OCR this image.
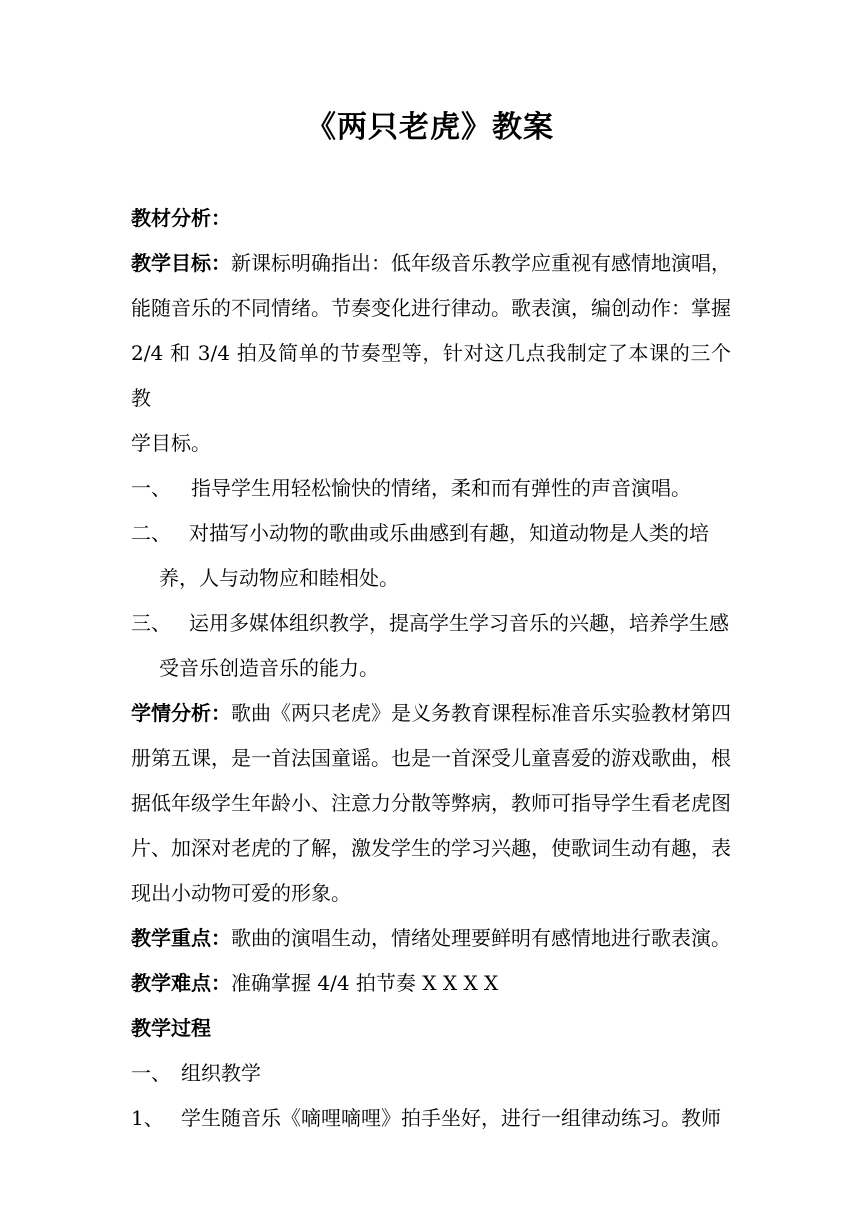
《两只老虎》教案

教材分析：

教学目标：新课标明确指出：低年级音乐教学应重视有感情地演唱，
能随音乐的不同情绪。节奏变化进行律动。歌表演，编创动作：掌握
2/4 和 3/4 拍及简单的节奏型等，针对这几点我制定了本课的三个教
学目标。

一、	指导学生用轻松愉快的情绪，柔和而有弹性的声音演唱。
二、 对描写小动物的歌曲或乐曲感到有趣，知道动物是人类的培

养，人与动物应和睦相处。

三、 运用多媒体组织教学，提高学生学习音乐的兴趣，培养学生感

受音乐创造音乐的能力。

学情分析：歌曲《两只老虎》是义务教育课程标准音乐实验教材第四
册第五课，是一首法国童谣。也是一首深受儿童喜爱的游戏歌曲，根
据低年级学生年龄小、注意力分散等弊病，教师可指导学生看老虎图
片、加深对老虎的了解，激发学生的学习兴趣，使歌词生动有趣，表
现出小动物可爱的形象。

教学重点：歌曲的演唱生动，情绪处理要鲜明有感情地进行歌表演。

教学难点：准确掌握 4/4 拍节奏 X X X X

教学过程

一、 组织教学
1、 学生随音乐《嘀哩嘀哩》拍手坐好，进行一组律动练习。教师
